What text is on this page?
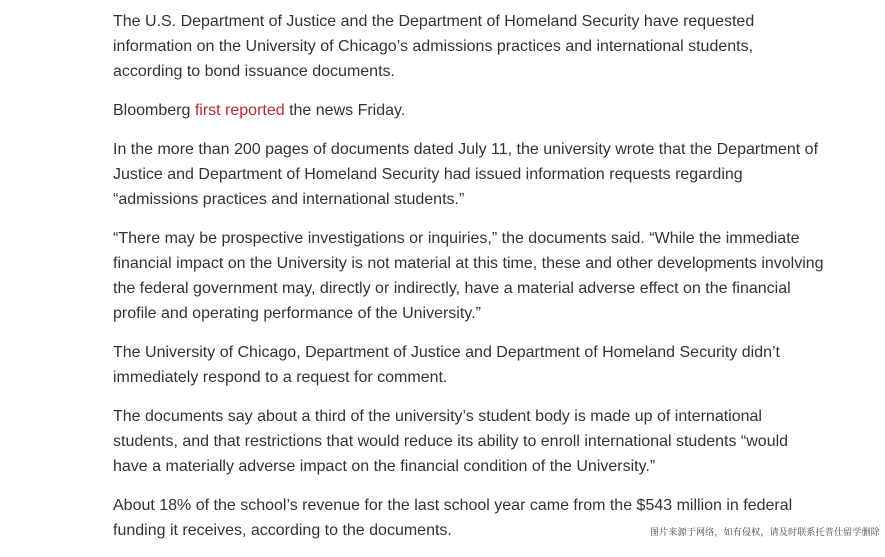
The U.S. Department of Justice and the Department of Homeland Security have requested information on the University of Chicago’s admissions practices and international students, according to bond issuance documents.

Bloomberg first reported the news Friday.

In the more than 200 pages of documents dated July 11, the university wrote that the Department of Justice and Department of Homeland Security had issued information requests regarding “admissions practices and international students.”

“There may be prospective investigations or inquiries,” the documents said. “While the immediate financial impact on the University is not material at this time, these and other developments involving the federal government may, directly or indirectly, have a material adverse effect on the financial profile and operating performance of the University.”

The University of Chicago, Department of Justice and Department of Homeland Security didn’t immediately respond to a request for comment.

The documents say about a third of the university’s student body is made up of international students, and that restrictions that would reduce its ability to enroll international students “would have a materially adverse impact on the financial condition of the University.”

About 18% of the school’s revenue for the last school year came from the $543 million in federal funding it receives, according to the documents.	图片来源于网络，如有侵权，请及时联系托普仕留学删除
